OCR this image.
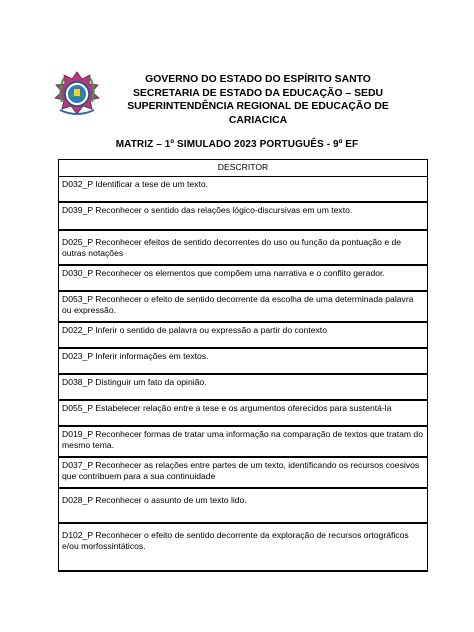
GOVERNO DO ESTADO DO ESPÍRITO SANTO
SECRETARIA DE ESTADO DA EDUCAÇÃO – SEDU
SUPERINTENDÊNCIA REGIONAL DE EDUCAÇÃO DE
CARIACICA
MATRIZ – 1º SIMULADO 2023 PORTUGUÊS - 9º EF
DESCRITOR
D032_P Identificar a tese de um texto.
D039_P Reconhecer o sentido das relações lógico-discursivas em um texto.
D025_P Reconhecer efeitos de sentido decorrentes do uso ou função da pontuação e de outras notações
D030_P Reconhecer os elementos que compõem uma narrativa e o conflito gerador.
D053_P Reconhecer o efeito de sentido decorrente da escolha de uma determinada palavra ou expressão.
D022_P Inferir o sentido de palavra ou expressão a partir do contexto
D023_P Inferir informações em textos.
D038_P Distinguir um fato da opinião.
D055_P Estabelecer relação entre a tese e os argumentos oferecidos para sustentá-la
D019_P Reconhecer formas de tratar uma informação na comparação de textos que tratam do mesmo tema.
D037_P Reconhecer as relações entre partes de um texto, identificando os recursos coesivos que contribuem para a sua continuidade
D028_P Reconhecer o assunto de um texto lido.
D102_P Reconhecer o efeito de sentido decorrente da exploração de recursos ortográficos e/ou morfossintáticos.
